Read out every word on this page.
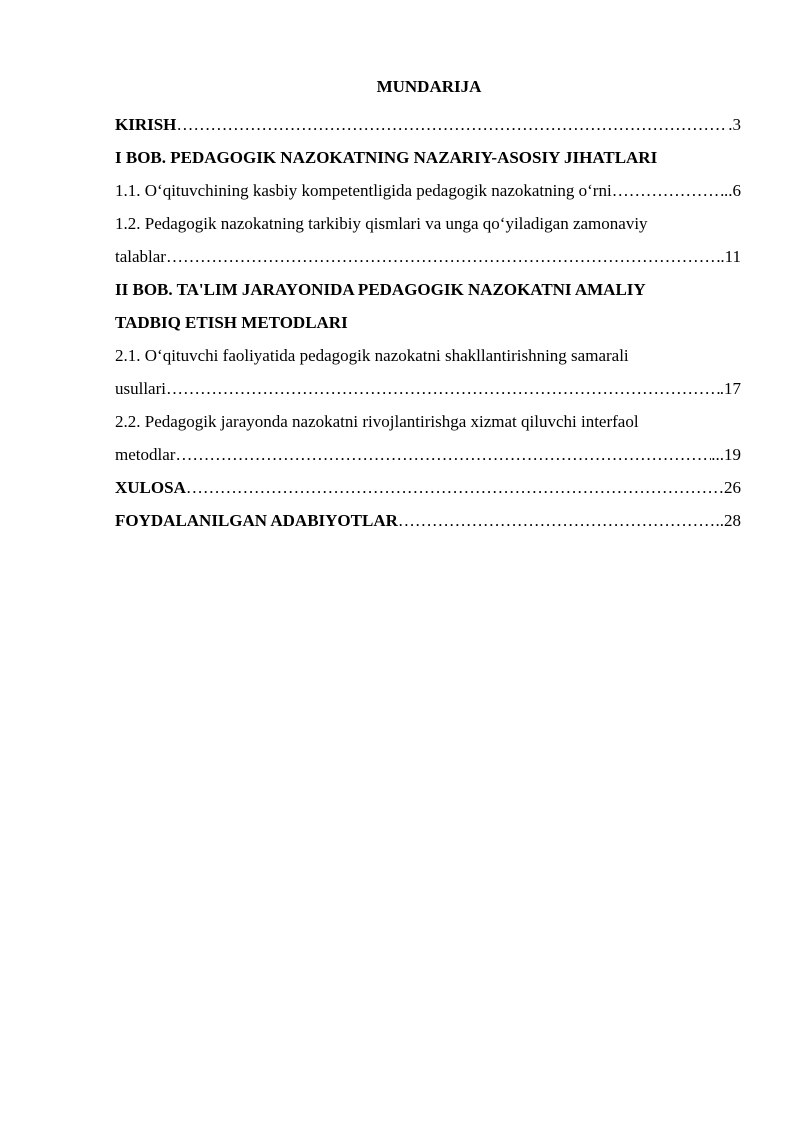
MUNDARIJA
KIRISH ……………………………………………………………………………………………………………………………………………………………………	.3
I BOB. PEDAGOGIK NAZOKATNING NAZARIY-ASOSIY JIHATLARI
1.1. O‘qituvchining kasbiy kompetentligida pedagogik nazokatning o‘rni ……………………………………………………………………………………………………………………………………………………………………	..6
1.2. Pedagogik nazokatning tarkibiy qismlari va unga qo‘yiladigan zamonaviy
talablar ……………………………………………………………………………………………………………………………………………………………………	.11
II BOB. TA'LIM JARAYONIDA PEDAGOGIK NAZOKATNI AMALIY
TADBIQ ETISH METODLARI
2.1. O‘qituvchi faoliyatida pedagogik nazokatni shakllantirishning samarali
usullari ……………………………………………………………………………………………………………………………………………………………………	.17
2.2. Pedagogik jarayonda nazokatni rivojlantirishga xizmat qiluvchi interfaol
metodlar ……………………………………………………………………………………………………………………………………………………………………	...19
XULOSA ……………………………………………………………………………………………………………………………………………………………………	26
FOYDALANILGAN ADABIYOTLAR ……………………………………………………………………………………………………………………………………………………………………	..28
